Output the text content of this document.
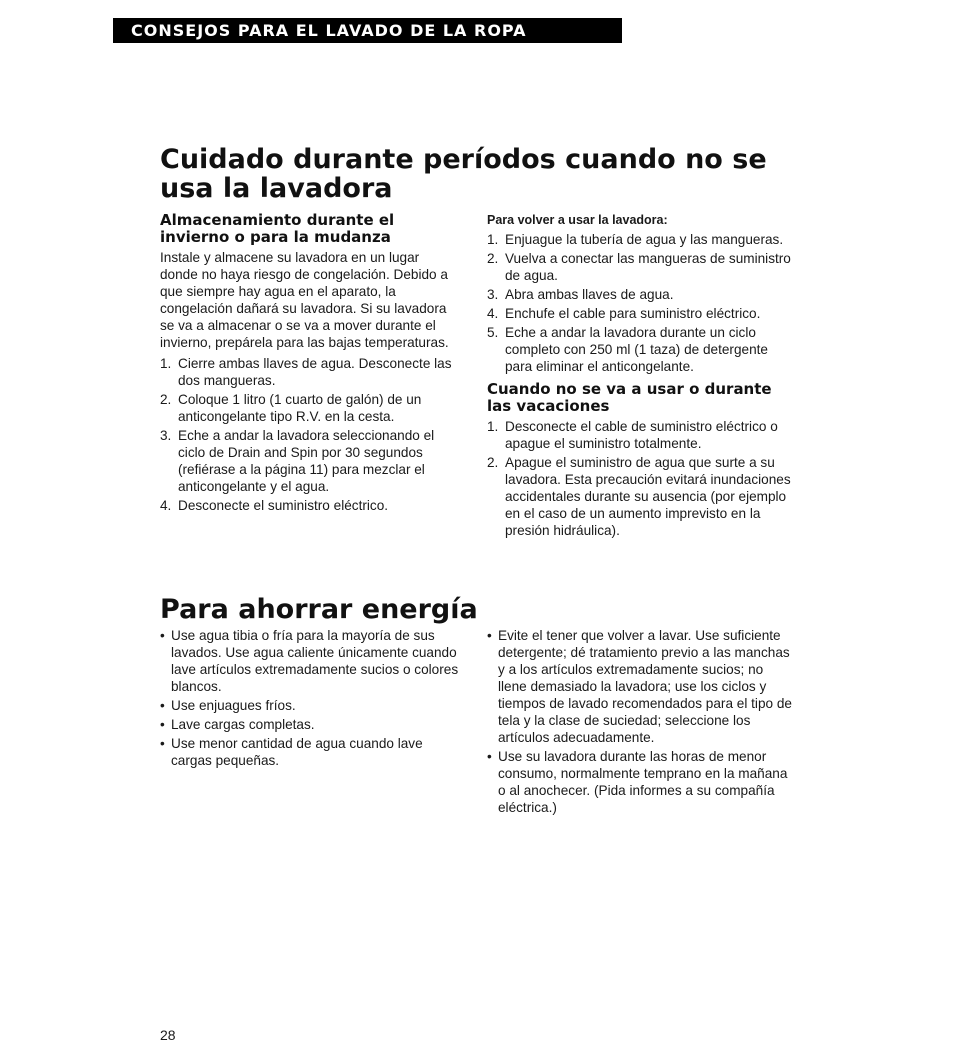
CONSEJOS PARA EL LAVADO DE LA ROPA
Cuidado durante períodos cuando no se usa la lavadora
Almacenamiento durante el invierno o para la mudanza

Instale y almacene su lavadora en un lugar donde no haya riesgo de congelación. Debido a que siempre hay agua en el aparato, la congelación dañará su lavadora. Si su lavadora se va a almacenar o se va a mover durante el invierno, prepárela para las bajas temperaturas.

1. Cierre ambas llaves de agua. Desconecte las dos mangueras.
2. Coloque 1 litro (1 cuarto de galón) de un anticongelante tipo R.V. en la cesta.
3. Eche a andar la lavadora seleccionando el ciclo de Drain and Spin por 30 segundos (refiérase a la página 11) para mezclar el anticongelante y el agua.
4. Desconecte el suministro eléctrico.
Para volver a usar la lavadora:
1. Enjuague la tubería de agua y las mangueras.
2. Vuelva a conectar las mangueras de suministro de agua.
3. Abra ambas llaves de agua.
4. Enchufe el cable para suministro eléctrico.
5. Eche a andar la lavadora durante un ciclo completo con 250 ml (1 taza) de detergente para eliminar el anticongelante.
Cuando no se va a usar o durante las vacaciones
1. Desconecte el cable de suministro eléctrico o apague el suministro totalmente.
2. Apague el suministro de agua que surte a su lavadora. Esta precaución evitará inundaciones accidentales durante su ausencia (por ejemplo en el caso de un aumento imprevisto en la presión hidráulica).
Para ahorrar energía
• Use agua tibia o fría para la mayoría de sus lavados. Use agua caliente únicamente cuando lave artículos extremadamente sucios o colores blancos.
• Use enjuagues fríos.
• Lave cargas completas.
• Use menor cantidad de agua cuando lave cargas pequeñas.
• Evite el tener que volver a lavar. Use suficiente detergente; dé tratamiento previo a las manchas y a los artículos extremadamente sucios; no llene demasiado la lavadora; use los ciclos y tiempos de lavado recomendados para el tipo de tela y la clase de suciedad; seleccione los artículos adecuadamente.
• Use su lavadora durante las horas de menor consumo, normalmente temprano en la mañana o al anochecer. (Pida informes a su compañía eléctrica.)
28
